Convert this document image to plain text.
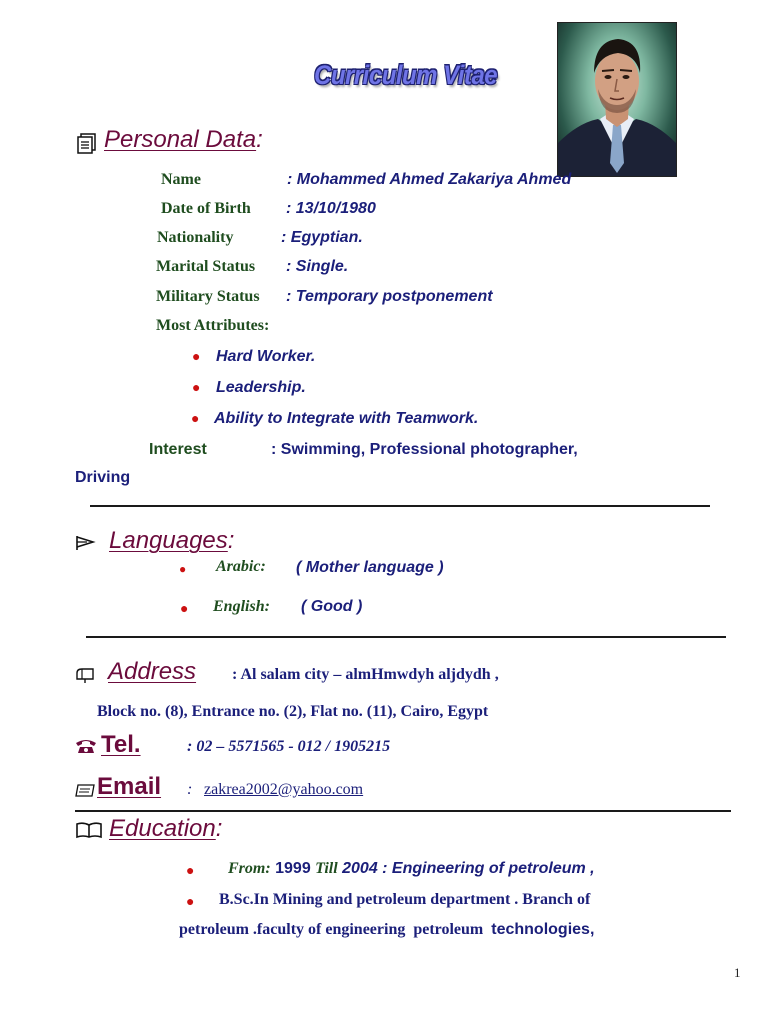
Curriculum Vitae
Personal Data:
Name	: Mohammed Ahmed Zakariya Ahmed
Date of Birth : 13/10/1980
Nationality	: Egyptian.
Marital Status : Single.
Military Status : Temporary postponement
Most Attributes:
● Hard Worker.
● Leadership.
● Ability to Integrate with Teamwork.
Interest	: Swimming, Professional photographer,
Driving
Languages:
● Arabic: ( Mother language )
● English: ( Good )
Address : Al salam city – almHmwdyh aljdydh ,
Block no. (8), Entrance no. (2), Flat no. (11), Cairo, Egypt
Tel.	: 02 – 5571565 - 012 / 1905215
Email : zakrea2002@yahoo.com
Education:
● From: 1999 Till 2004 : Engineering of petroleum ,
● B.Sc.In Mining and petroleum department . Branch of
petroleum .faculty of engineering  petroleum  technologies,
1
